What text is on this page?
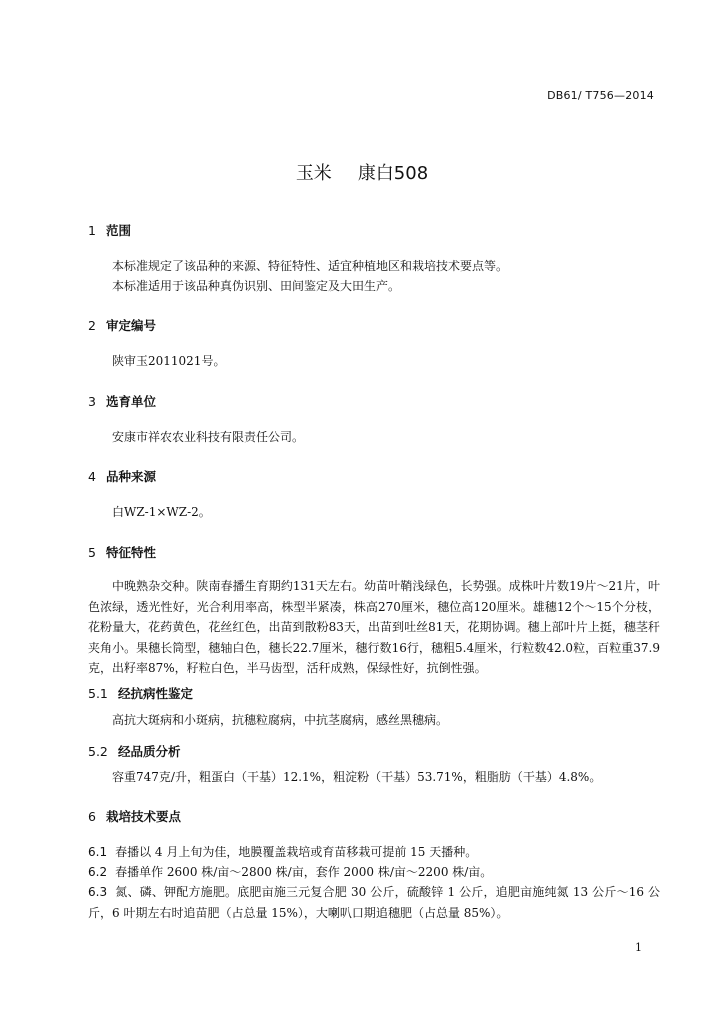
DB61/ T756—2014
玉米 康白508
1 范围
本标准规定了该品种的来源、特征特性、适宜种植地区和栽培技术要点等。
本标准适用于该品种真伪识别、田间鉴定及大田生产。
2 审定编号
陕审玉2011021号。
3 选育单位
安康市祥农农业科技有限责任公司。
4 品种来源
白WZ-1×WZ-2。
5 特征特性
中晚熟杂交种。陕南春播生育期约131天左右。幼苗叶鞘浅绿色，长势强。成株叶片数19片～21片，叶色浓绿，透光性好，光合利用率高，株型半紧凑，株高270厘米，穗位高120厘米。雄穗12个～15个分枝，花粉量大，花药黄色，花丝红色，出苗到散粉83天，出苗到吐丝81天，花期协调。穗上部叶片上挺，穗茎秆夹角小。果穗长筒型，穗轴白色，穗长22.7厘米，穗行数16行，穗粗5.4厘米，行粒数42.0粒，百粒重37.9克，出籽率87%，籽粒白色，半马齿型，活秆成熟，保绿性好，抗倒性强。
5.1 经抗病性鉴定
高抗大斑病和小斑病，抗穗粒腐病，中抗茎腐病，感丝黑穗病。
5.2 经品质分析
容重747克/升，粗蛋白（干基）12.1%，粗淀粉（干基）53.71%，粗脂肪（干基）4.8%。
6 栽培技术要点
6.1 春播以 4 月上旬为佳，地膜覆盖栽培或育苗移栽可提前 15 天播种。
6.2 春播单作 2600 株/亩～2800 株/亩，套作 2000 株/亩～2200 株/亩。
6.3 氮、磷、钾配方施肥。底肥亩施三元复合肥 30 公斤，硫酸锌 1 公斤，追肥亩施纯氮 13 公斤～16 公斤，6 叶期左右时追苗肥（占总量 15%），大喇叭口期追穗肥（占总量 85%）。
1
